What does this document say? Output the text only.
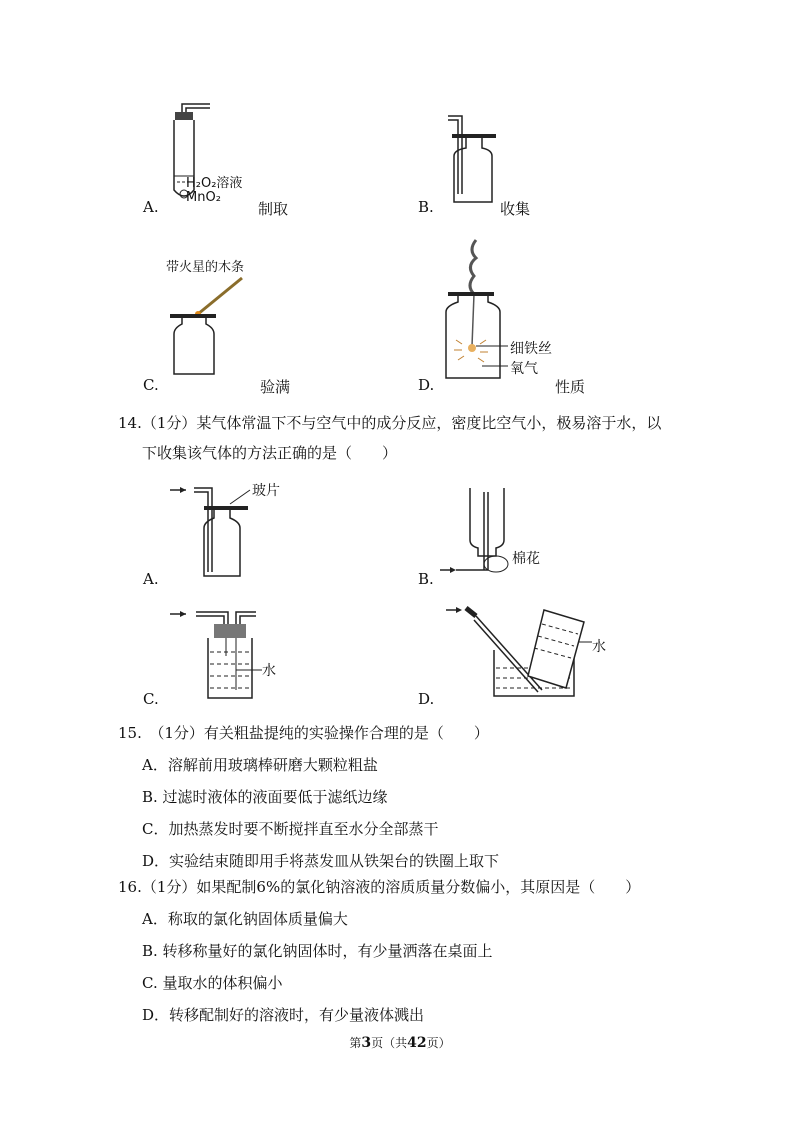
H₂O₂溶液
MnO₂
A.	制取	B.	收集
带火星的木条
C.	验满
细铁丝
氧气
D.	性质
14.（1分）某气体常温下不与空气中的成分反应，密度比空气小，极易溶于水，以
下收集该气体的方法正确的是（　　）
玻片
A.
棉花
B.
水
C.
水
D.
15.　（1分）有关粗盐提纯的实验操作合理的是（　　）
A．溶解前用玻璃棒研磨大颗粒粗盐
B. 过滤时液体的液面要低于滤纸边缘
C．加热蒸发时要不断搅拌直至水分全部蒸干
D．实验结束随即用手将蒸发皿从铁架台的铁圈上取下
16.（1分）如果配制6%的氯化钠溶液的溶质质量分数偏小，其原因是（　　）
A．称取的氯化钠固体质量偏大
B. 转移称量好的氯化钠固体时，有少量洒落在桌面上
C. 量取水的体积偏小
D．转移配制好的溶液时，有少量液体溅出
第3页（共42页）
